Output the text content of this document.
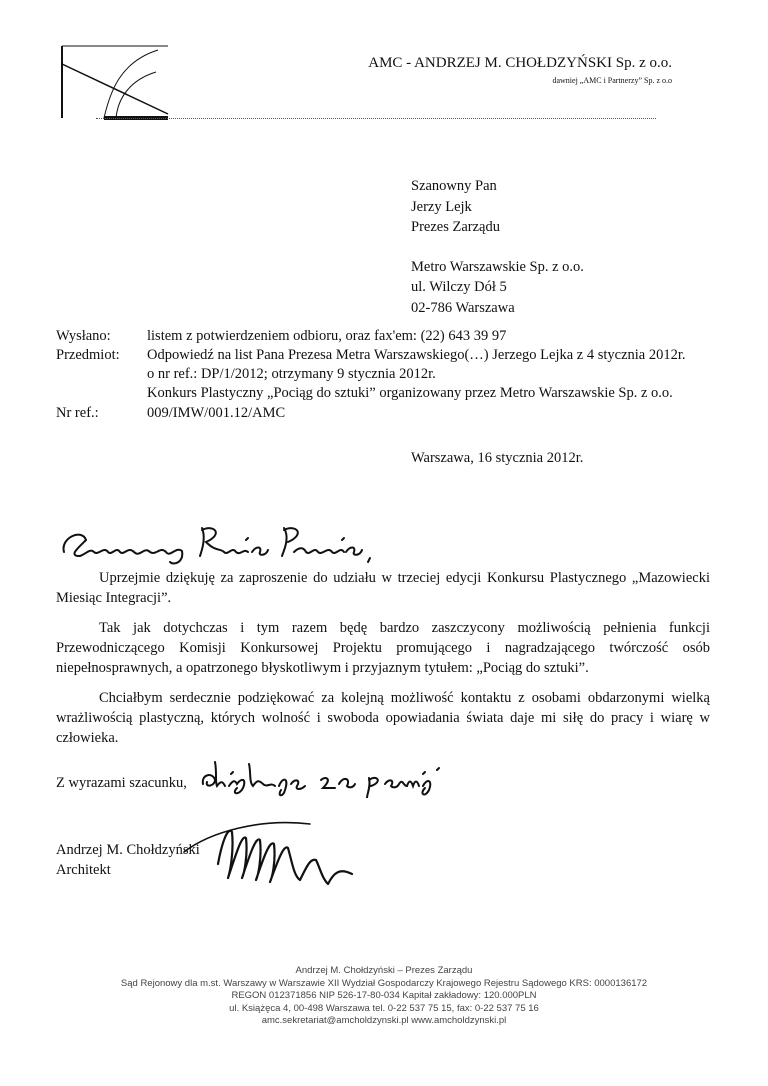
AMC - ANDRZEJ M. CHOŁDZYŃSKI Sp. z o.o.
dawniej „AMC i Partnerzy” Sp. z o.o
Szanowny Pan
Jerzy Lejk
Prezes Zarządu
Metro Warszawskie Sp. z o.o.
ul. Wilczy Dół 5
02-786 Warszawa
Wysłano:	listem z potwierdzeniem odbioru, oraz fax'em: (22) 643 39 97
Przedmiot: Odpowiedź na list Pana Prezesa Metra Warszawskiego(…) Jerzego Lejka z 4 stycznia 2012r.
o nr ref.: DP/1/2012; otrzymany 9 stycznia 2012r.
Konkurs Plastyczny „Pociąg do sztuki” organizowany przez Metro Warszawskie Sp. z o.o.
Nr ref.:	009/IMW/001.12/AMC
Warszawa, 16 stycznia 2012r.

Uprzejmie dziękuję za zaproszenie do udziału w trzeciej edycji Konkursu Plastycznego „Mazowiecki Miesiąc Integracji”.

Tak jak dotychczas i tym razem będę bardzo zaszczycony możliwością pełnienia funkcji Przewodniczącego Komisji Konkursowej Projektu promującego i nagradzającego twórczość osób niepełnosprawnych, a opatrzonego błyskotliwym i przyjaznym tytułem: „Pociąg do sztuki”.

Chciałbym serdecznie podziękować za kolejną możliwość kontaktu z osobami obdarzonymi wielką wrażliwością plastyczną, których wolność i swoboda opowiadania świata daje mi siłę do pracy i wiarę w człowieka.

Z wyrazami szacunku,
Andrzej M. Chołdzyński
Architekt
Andrzej M. Chołdzyński – Prezes Zarządu
Sąd Rejonowy dla m.st. Warszawy w Warszawie XII Wydział Gospodarczy Krajowego Rejestru Sądowego KRS: 0000136172
REGON 012371856 NIP 526-17-80-034 Kapitał zakładowy: 120.000PLN
ul. Książęca 4, 00-498 Warszawa tel. 0-22 537 75 15, fax: 0-22 537 75 16
amc.sekretariat@amcholdzynski.pl www.amcholdzynski.pl
